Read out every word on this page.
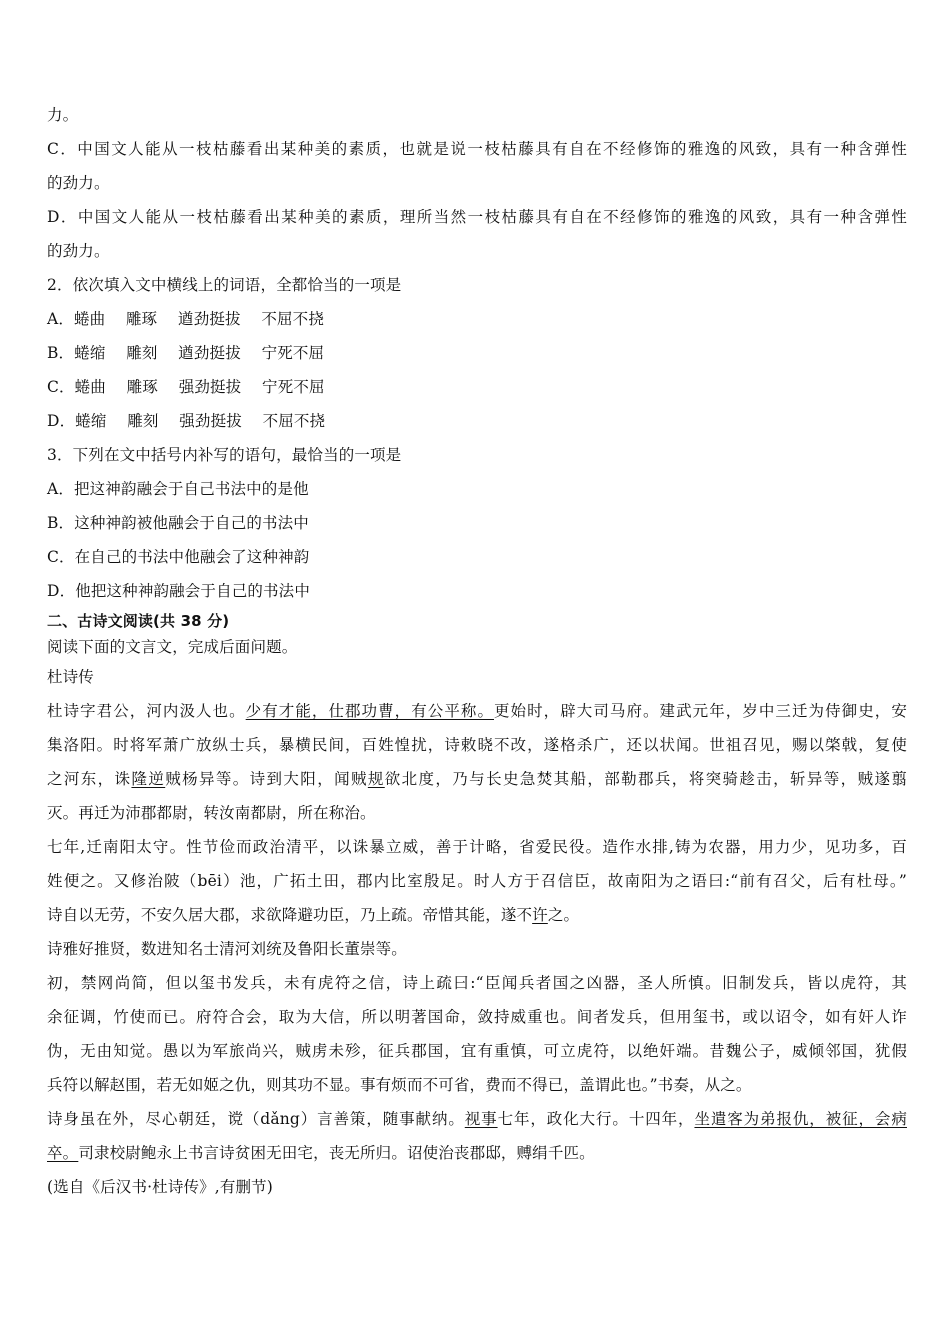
力。
C．中国文人能从一枝枯藤看出某种美的素质，也就是说一枝枯藤具有自在不经修饰的雅逸的风致，具有一种含弹性
的劲力。
D．中国文人能从一枝枯藤看出某种美的素质，理所当然一枝枯藤具有自在不经修饰的雅逸的风致，具有一种含弹性
的劲力。
2．依次填入文中横线上的词语，全都恰当的一项是
A．蜷曲　 雕琢　 遒劲挺拔　 不屈不挠
B．蜷缩　 雕刻　 遒劲挺拔　 宁死不屈
C．蜷曲　 雕琢　 强劲挺拔　 宁死不屈
D．蜷缩　 雕刻　 强劲挺拔　 不屈不挠
3．下列在文中括号内补写的语句，最恰当的一项是
A．把这神韵融会于自己书法中的是他
B．这种神韵被他融会于自己的书法中
C．在自己的书法中他融会了这种神韵
D．他把这种神韵融会于自己的书法中
二、古诗文阅读(共 38 分)
阅读下面的文言文，完成后面问题。
杜诗传
杜诗字君公，河内汲人也。少有才能，仕郡功曹，有公平称。更始时，辟大司马府。建武元年，岁中三迁为侍御史，安
集洛阳。时将军萧广放纵士兵，暴横民间，百姓惶扰，诗敕晓不改，遂格杀广，还以状闻。世祖召见，赐以棨戟，复使
之河东，诛隆逆贼杨异等。诗到大阳，闻贼规欲北度，乃与长史急焚其船，部勒郡兵，将突骑趁击，斩异等，贼遂翦
灭。再迁为沛郡都尉，转汝南都尉，所在称治。
七年,迁南阳太守。性节俭而政治清平，以诛暴立威，善于计略，省爱民役。造作水排,铸为农器，用力少，见功多，百
姓便之。又修治陂（bēi）池，广拓土田，郡内比室殷足。时人方于召信臣，故南阳为之语曰:“前有召父，后有杜母。”
诗自以无劳，不安久居大郡，求欲降避功臣，乃上疏。帝惜其能，遂不许之。
诗雅好推贤，数进知名士清河刘统及鲁阳长董崇等。
初，禁网尚简，但以玺书发兵，未有虎符之信，诗上疏曰:“臣闻兵者国之凶器，圣人所慎。旧制发兵，皆以虎符，其
余征调，竹使而已。府符合会，取为大信，所以明著国命，敛持威重也。间者发兵，但用玺书，或以诏令，如有奸人诈
伪，无由知觉。愚以为军旅尚兴，贼虏未殄，征兵郡国，宜有重慎，可立虎符，以绝奸端。昔魏公子，威倾邻国，犹假
兵符以解赵围，若无如姬之仇，则其功不显。事有烦而不可省，费而不得已，盖谓此也。”书奏，从之。
诗身虽在外，尽心朝廷，谠（dǎng）言善策，随事献纳。视事七年，政化大行。十四年，坐遣客为弟报仇，被征，会病
卒。司隶校尉鲍永上书言诗贫困无田宅，丧无所归。诏使治丧郡邸，赙绢千匹。
(选自《后汉书·杜诗传》,有删节)
